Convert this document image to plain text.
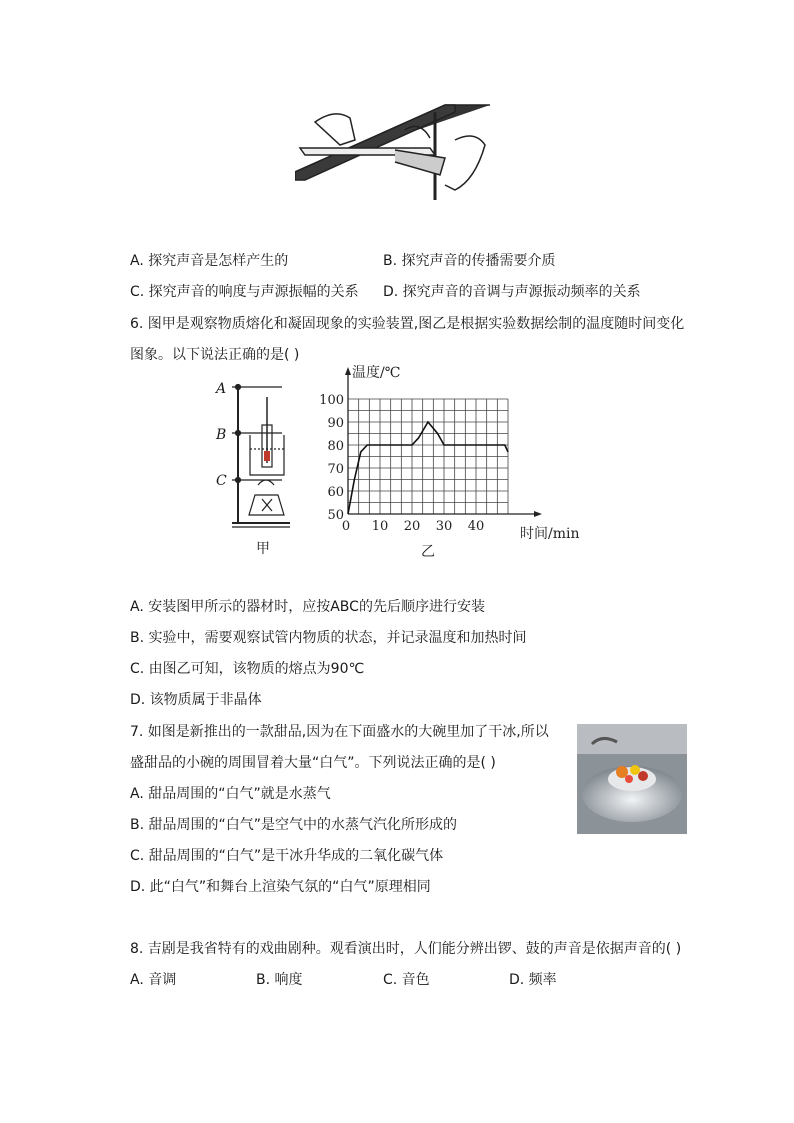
A. 探究声音是怎样产生的	B. 探究声音的传播需要介质
C. 探究声音的响度与声源振幅的关系 D. 探究声音的音调与声源振动频率的关系
6. 图甲是观察物质熔化和凝固现象的实验装置,图乙是根据实验数据绘制的温度随时间变化
图象。以下说法正确的是( )
A
B
C
甲
50
60
70
80
90
100
0 10 20 30 40
温度/℃
时间/min
乙
A. 安装图甲所示的器材时，应按ABC的先后顺序进行安装
B. 实验中，需要观察试管内物质的状态，并记录温度和加热时间
C. 由图乙可知，该物质的熔点为90℃
D. 该物质属于非晶体
7. 如图是新推出的一款甜品,因为在下面盛水的大碗里加了干冰,所以
盛甜品的小碗的周围冒着大量“白气”。下列说法正确的是( )
A. 甜品周围的“白气”就是水蒸气
B. 甜品周围的“白气”是空气中的水蒸气汽化所形成的
C. 甜品周围的“白气”是干冰升华成的二氧化碳气体
D. 此“白气”和舞台上渲染气氛的“白气”原理相同
8. 吉剧是我省特有的戏曲剧种。观看演出时，人们能分辨出锣、鼓的声音是依据声音的( )
A. 音调	B. 响度	C. 音色	D. 频率
